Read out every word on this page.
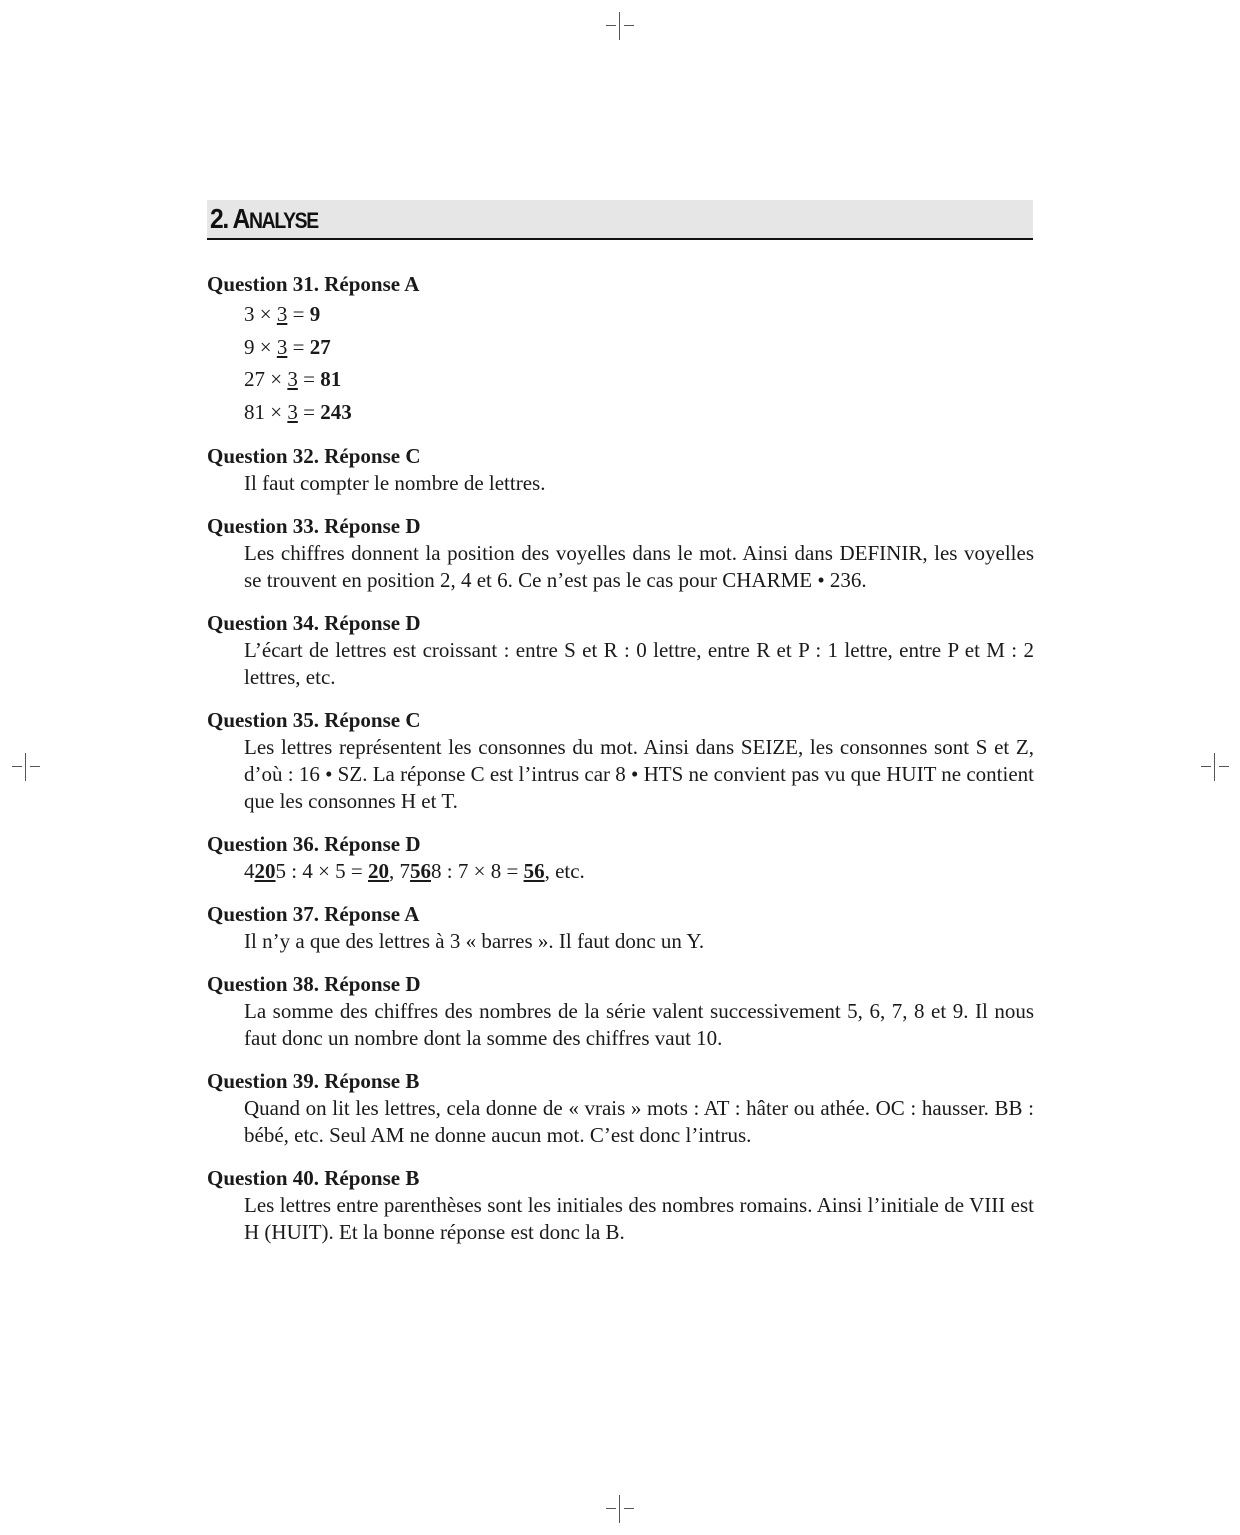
2. ANALYSE

Question 31. Réponse A

3 × 3 = 9
9 × 3 = 27
27 × 3 = 81
81 × 3 = 243

Question 32. Réponse C

Il faut compter le nombre de lettres.

Question 33. Réponse D

Les chiffres donnent la position des voyelles dans le mot. Ainsi dans DEFINIR, les voyelles se trouvent en position 2, 4 et 6. Ce n’est pas le cas pour CHARME • 236.

Question 34. Réponse D

L’écart de lettres est croissant : entre S et R : 0 lettre, entre R et P : 1 lettre, entre P et M : 2 lettres, etc.

Question 35. Réponse C

Les lettres représentent les consonnes du mot. Ainsi dans SEIZE, les consonnes sont S et Z, d’où : 16 • SZ. La réponse C est l’intrus car 8 • HTS ne convient pas vu que HUIT ne contient que les consonnes H et T.

Question 36. Réponse D

4205 : 4 × 5 = 20, 7568 : 7 × 8 = 56, etc.

Question 37. Réponse A

Il n’y a que des lettres à 3 « barres ». Il faut donc un Y.

Question 38. Réponse D

La somme des chiffres des nombres de la série valent successivement 5, 6, 7, 8 et 9. Il nous faut donc un nombre dont la somme des chiffres vaut 10.

Question 39. Réponse B

Quand on lit les lettres, cela donne de « vrais » mots : AT : hâter ou athée. OC : hausser. BB : bébé, etc. Seul AM ne donne aucun mot. C’est donc l’intrus.

Question 40. Réponse B

Les lettres entre parenthèses sont les initiales des nombres romains. Ainsi l’initiale de VIII est H (HUIT). Et la bonne réponse est donc la B.
